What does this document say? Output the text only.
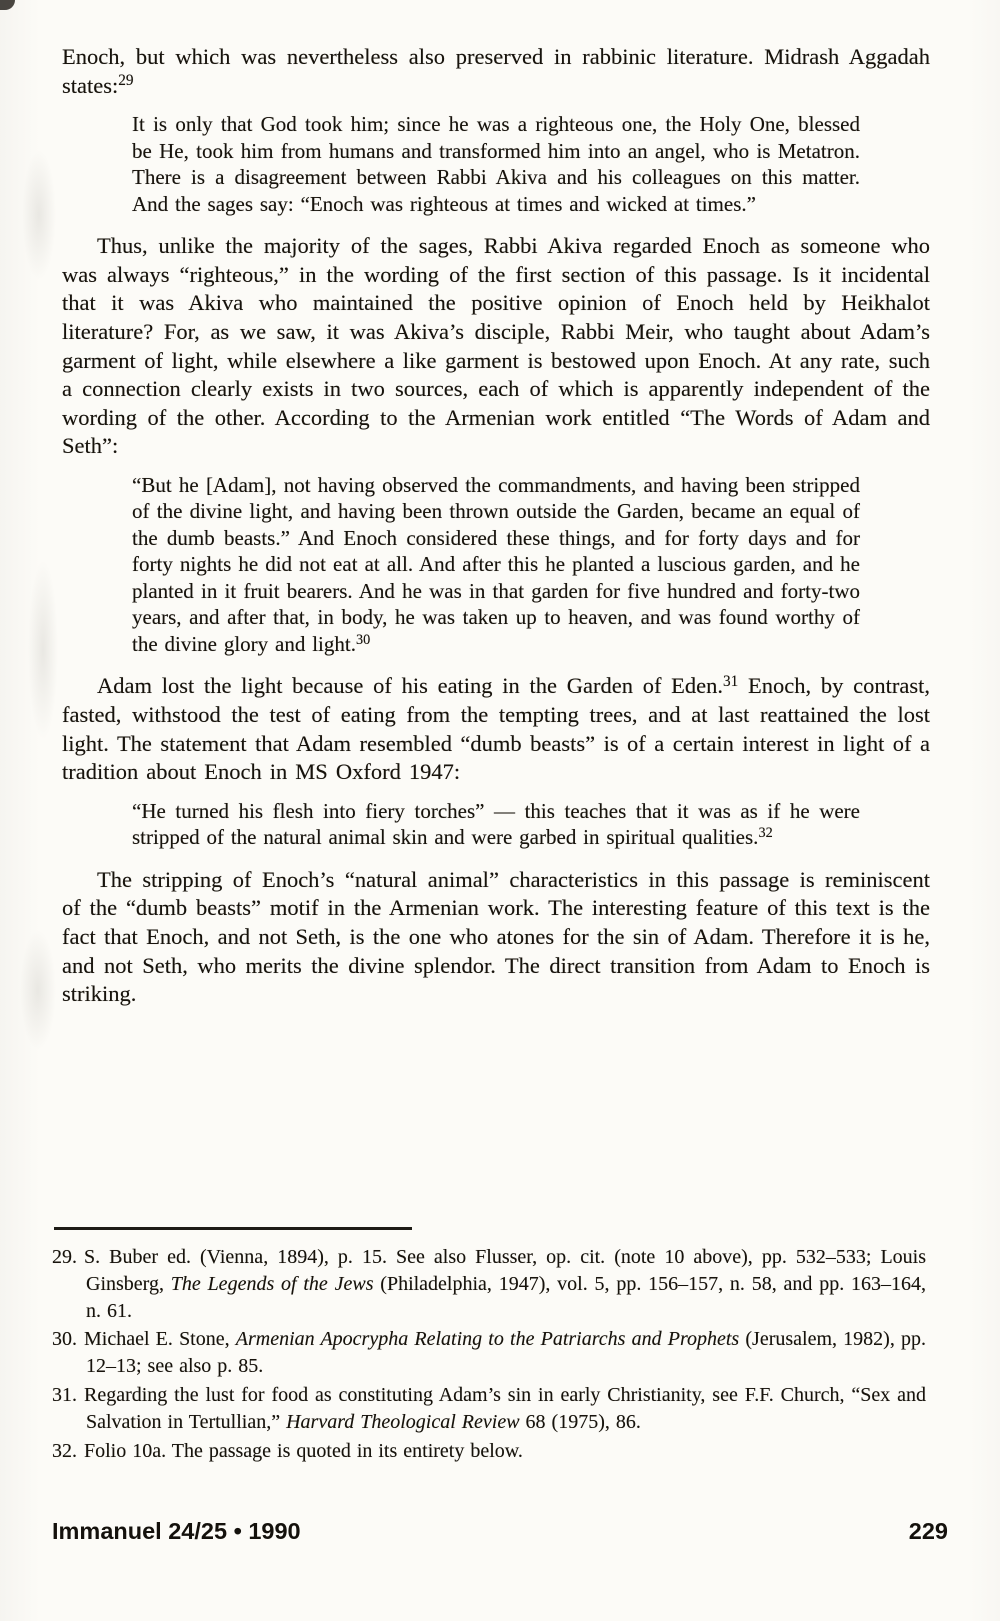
Enoch, but which was nevertheless also preserved in rabbinic literature. Midrash Aggadah states:$^{29}$

It is only that God took him; since he was a righteous one, the Holy One, blessed be He, took him from humans and transformed him into an angel, who is Metatron. There is a disagreement between Rabbi Akiva and his colleagues on this matter. And the sages say: “Enoch was righteous at times and wicked at times.”

Thus, unlike the majority of the sages, Rabbi Akiva regarded Enoch as someone who was always “righteous,” in the wording of the first section of this passage. Is it incidental that it was Akiva who maintained the positive opinion of Enoch held by Heikhalot literature? For, as we saw, it was Akiva’s disciple, Rabbi Meir, who taught about Adam’s garment of light, while elsewhere a like garment is bestowed upon Enoch. At any rate, such a connection clearly exists in two sources, each of which is apparently independent of the wording of the other. According to the Armenian work entitled “The Words of Adam and Seth”:

“But he [Adam], not having observed the commandments, and having been stripped of the divine light, and having been thrown outside the Garden, became an equal of the dumb beasts.” And Enoch considered these things, and for forty days and for forty nights he did not eat at all. And after this he planted a luscious garden, and he planted in it fruit bearers. And he was in that garden for five hundred and forty-two years, and after that, in body, he was taken up to heaven, and was found worthy of the divine glory and light.$^{30}$

Adam lost the light because of his eating in the Garden of Eden.$^{31}$ Enoch, by contrast, fasted, withstood the test of eating from the tempting trees, and at last reattained the lost light. The statement that Adam resembled “dumb beasts” is of a certain interest in light of a tradition about Enoch in MS Oxford 1947:

“He turned his flesh into fiery torches” — this teaches that it was as if he were stripped of the natural animal skin and were garbed in spiritual qualities.$^{32}$

The stripping of Enoch’s “natural animal” characteristics in this passage is reminiscent of the “dumb beasts” motif in the Armenian work. The interesting feature of this text is the fact that Enoch, and not Seth, is the one who atones for the sin of Adam. Therefore it is he, and not Seth, who merits the divine splendor. The direct transition from Adam to Enoch is striking.

29. S. Buber ed. (Vienna, 1894), p. 15. See also Flusser, op. cit. (note 10 above), pp. 532–533; Louis Ginsberg, The Legends of the Jews (Philadelphia, 1947), vol. 5, pp. 156–157, n. 58, and pp. 163–164, n. 61.

30. Michael E. Stone, Armenian Apocrypha Relating to the Patriarchs and Prophets (Jerusalem, 1982), pp. 12–13; see also p. 85.

31. Regarding the lust for food as constituting Adam’s sin in early Christianity, see F.F. Church, “Sex and Salvation in Tertullian,” Harvard Theological Review 68 (1975), 86.

32. Folio 10a. The passage is quoted in its entirety below.

Immanuel 24/25 • 1990	229
